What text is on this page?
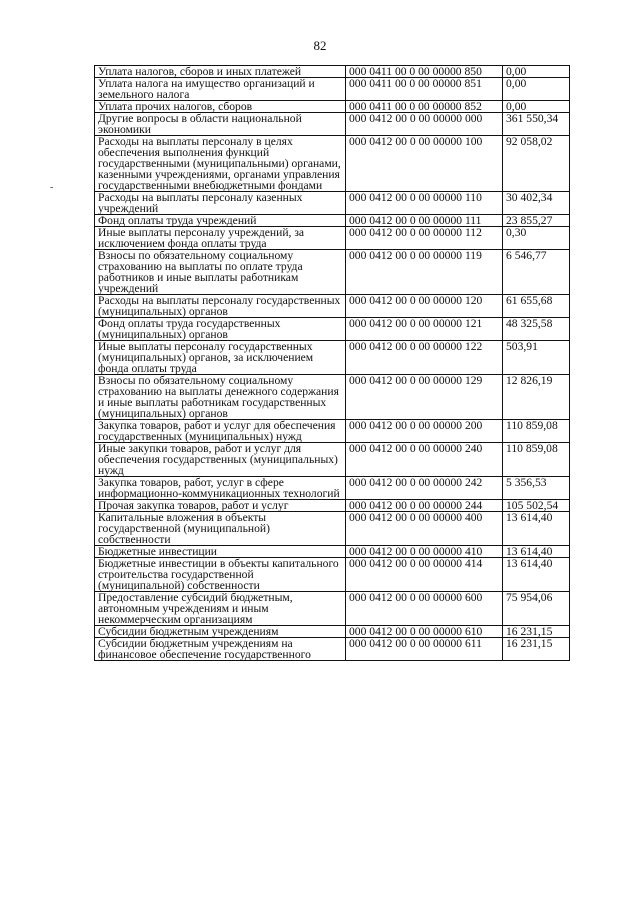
82
-
Уплата налогов, сборов и иных платежей	000 0411 00 0 00 00000 850	0,00
Уплата налога на имущество организаций и земельного налога	000 0411 00 0 00 00000 851	0,00
Уплата прочих налогов, сборов	000 0411 00 0 00 00000 852	0,00
Другие вопросы в области национальной экономики	000 0412 00 0 00 00000 000	361 550,34
Расходы на выплаты персоналу в целях обеспечения выполнения функций государственными (муниципальными) органами, казенными учреждениями, органами управления государственными внебюджетными фондами	000 0412 00 0 00 00000 100	92 058,02
Расходы на выплаты персоналу казенных учреждений	000 0412 00 0 00 00000 110	30 402,34
Фонд оплаты труда учреждений	000 0412 00 0 00 00000 111	23 855,27
Иные выплаты персоналу учреждений, за исключением фонда оплаты труда	000 0412 00 0 00 00000 112	0,30
Взносы по обязательному социальному страхованию на выплаты по оплате труда работников и иные выплаты работникам учреждений	000 0412 00 0 00 00000 119	6 546,77
Расходы на выплаты персоналу государственных (муниципальных) органов	000 0412 00 0 00 00000 120	61 655,68
Фонд оплаты труда государственных (муниципальных) органов	000 0412 00 0 00 00000 121	48 325,58
Иные выплаты персоналу государственных (муниципальных) органов, за исключением фонда оплаты труда	000 0412 00 0 00 00000 122	503,91
Взносы по обязательному социальному страхованию на выплаты денежного содержания и иные выплаты работникам государственных (муниципальных) органов	000 0412 00 0 00 00000 129	12 826,19
Закупка товаров, работ и услуг для обеспечения государственных (муниципальных) нужд	000 0412 00 0 00 00000 200	110 859,08
Иные закупки товаров, работ и услуг для обеспечения государственных (муниципальных) нужд	000 0412 00 0 00 00000 240	110 859,08
Закупка товаров, работ, услуг в сфере информационно-коммуникационных технологий	000 0412 00 0 00 00000 242	5 356,53
Прочая закупка товаров, работ и услуг	000 0412 00 0 00 00000 244	105 502,54
Капитальные вложения в объекты государственной (муниципальной) собственности	000 0412 00 0 00 00000 400	13 614,40
Бюджетные инвестиции	000 0412 00 0 00 00000 410	13 614,40
Бюджетные инвестиции в объекты капитального строительства государственной (муниципальной) собственности	000 0412 00 0 00 00000 414	13 614,40
Предоставление субсидий бюджетным, автономным учреждениям и иным некоммерческим организациям	000 0412 00 0 00 00000 600	75 954,06
Субсидии бюджетным учреждениям	000 0412 00 0 00 00000 610	16 231,15
Субсидии бюджетным учреждениям на финансовое обеспечение государственного	000 0412 00 0 00 00000 611	16 231,15
